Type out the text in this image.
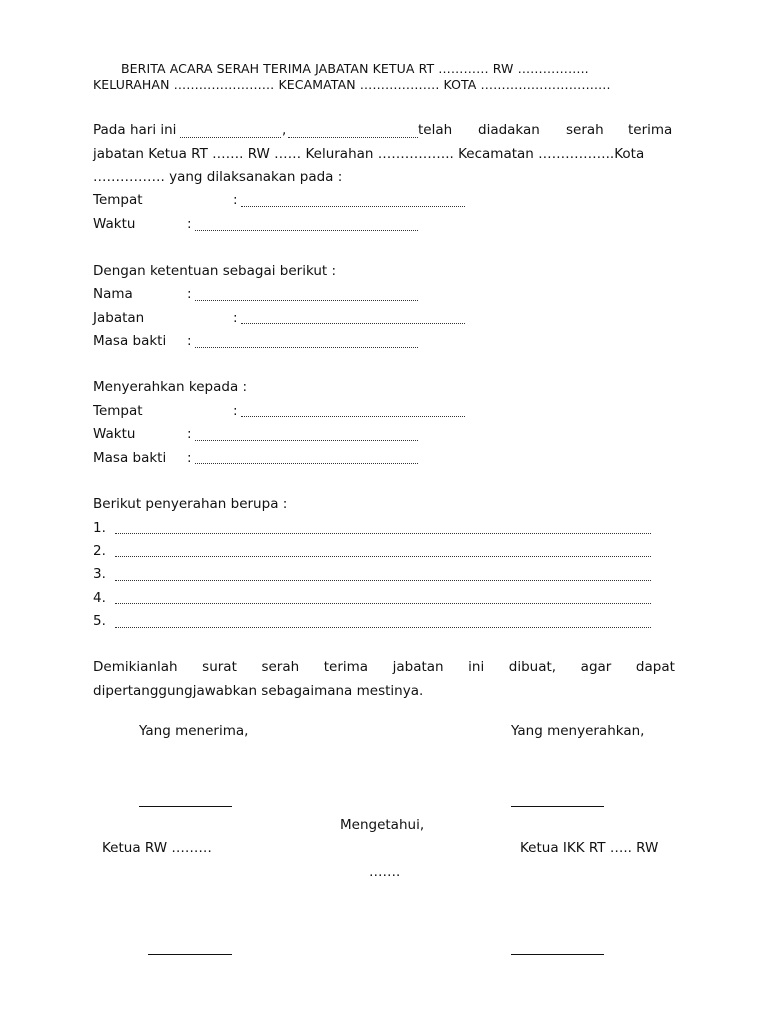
BERITA ACARA SERAH TERIMA JABATAN KETUA RT ………… RW ……………..
KELURAHAN …………………… KECAMATAN ………………. KOTA ………………………….
Pada hari ini	,	telah diadakan serah terima
jabatan Ketua RT ……. RW …… Kelurahan …………….. Kecamatan ……………..Kota
……………. yang dilaksanakan pada :
Tempat	:
Waktu	:
Dengan ketentuan sebagai berikut :
Nama	:
Jabatan	:
Masa bakti :
Menyerahkan kepada :
Tempat	:
Waktu	:
Masa bakti :
Berikut penyerahan berupa :
1.
2.
3.
4.
5.
Demikianlah surat serah terima jabatan ini dibuat, agar dapat
dipertanggungjawabkan sebagaimana mestinya.
Yang menerima,	Yang menyerahkan,
Mengetahui,
Ketua RW ………	Ketua IKK RT ….. RW
…….
